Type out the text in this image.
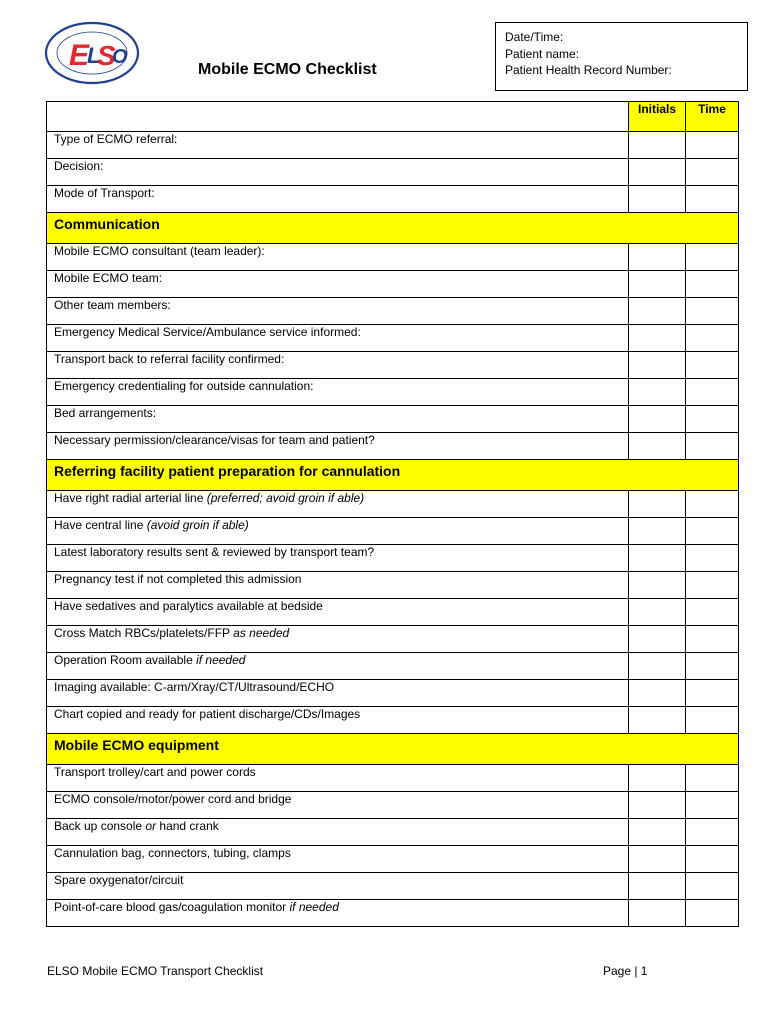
E
L
S
O
Mobile ECMO Checklist
Date/Time:
Patient name:
Patient Health Record Number:
	Initials	Time
Type of ECMO referral:		
Decision:		
Mode of Transport:		
Communication		
Mobile ECMO consultant (team leader):		
Mobile ECMO team:		
Other team members:		
Emergency Medical Service/Ambulance service informed:		
Transport back to referral facility confirmed:		
Emergency credentialing for outside cannulation:		
Bed arrangements:		
Necessary permission/clearance/visas for team and patient?		
Referring facility patient preparation for cannulation		
Have right radial arterial line (preferred; avoid groin if able)		
Have central line (avoid groin if able)		
Latest laboratory results sent & reviewed by transport team?		
Pregnancy test if not completed this admission		
Have sedatives and paralytics available at bedside		
Cross Match RBCs/platelets/FFP as needed		
Operation Room available if needed		
Imaging available: C-arm/Xray/CT/Ultrasound/ECHO		
Chart copied and ready for patient discharge/CDs/Images		
Mobile ECMO equipment		
Transport trolley/cart and power cords		
ECMO console/motor/power cord and bridge		
Back up console or hand crank		
Cannulation bag, connectors, tubing, clamps		
Spare oxygenator/circuit		
Point-of-care blood gas/coagulation monitor if needed		
ELSO Mobile ECMO Transport Checklist	Page | 1
